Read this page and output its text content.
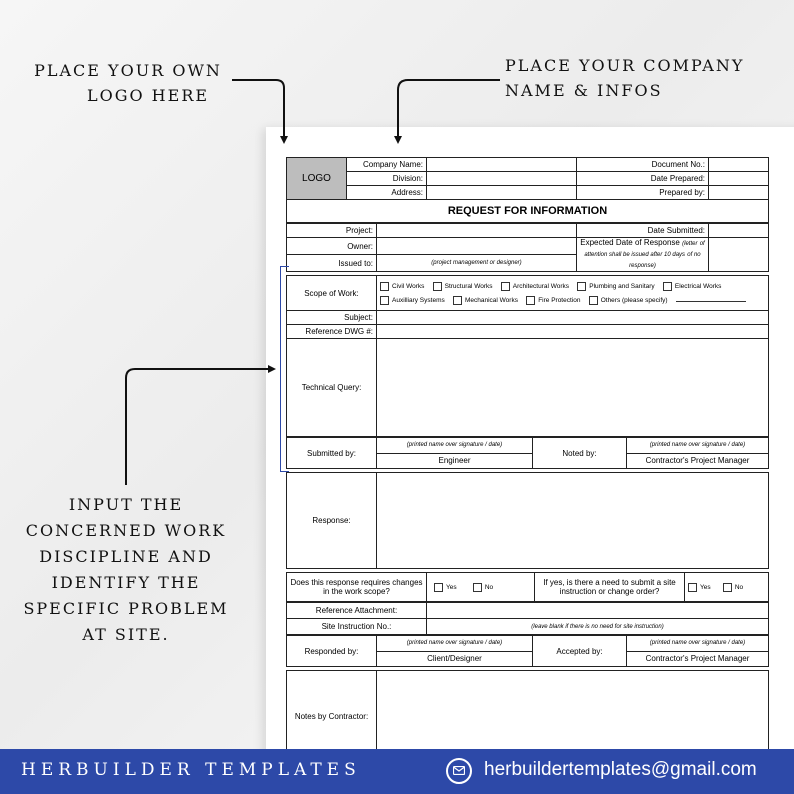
PLACE YOUR OWN
LOGO HERE
PLACE YOUR COMPANY
NAME & INFOS
INPUT THE
CONCERNED WORK
DISCIPLINE AND
IDENTIFY THE
SPECIFIC PROBLEM
AT SITE.
LOGO	Company Name:		Document No.:	
	Division:		Date Prepared:	
	Address:		Prepared by:	
REQUEST FOR INFORMATION				
Project:		Date Submitted:	
Owner:		Expected Date of Response (letter of attention shall be issued after 10 days of no response)	
Issued to:	(project management or designer)		
Scope of Work:	Civil Works Structural Works Architectural Works Plumbing and Sanitary Electrical Works
Auxilliary Systems Mechanical Works Fire Protection Others (please specify)

Subject:	
Reference DWG #:	
Technical Query:	
Submitted by:	(printed name over signature / date)	Noted by:	(printed name over signature / date)
	Engineer		Contractor's Project Manager
Response:	
Does this response requires changes in the work scope?	Yes	No	If yes, is there a need to submit a site instruction or change order?	Yes	No
Reference Attachment:	
Site Instruction No.:	(leave blank if there is no need for site instruction)
Responded by:	(printed name over signature / date)	Accepted by:	(printed name over signature / date)
	Client/Designer		Contractor's Project Manager
Notes by Contractor:	
HERBUILDER TEMPLATES	herbuildertemplates@gmail.com
